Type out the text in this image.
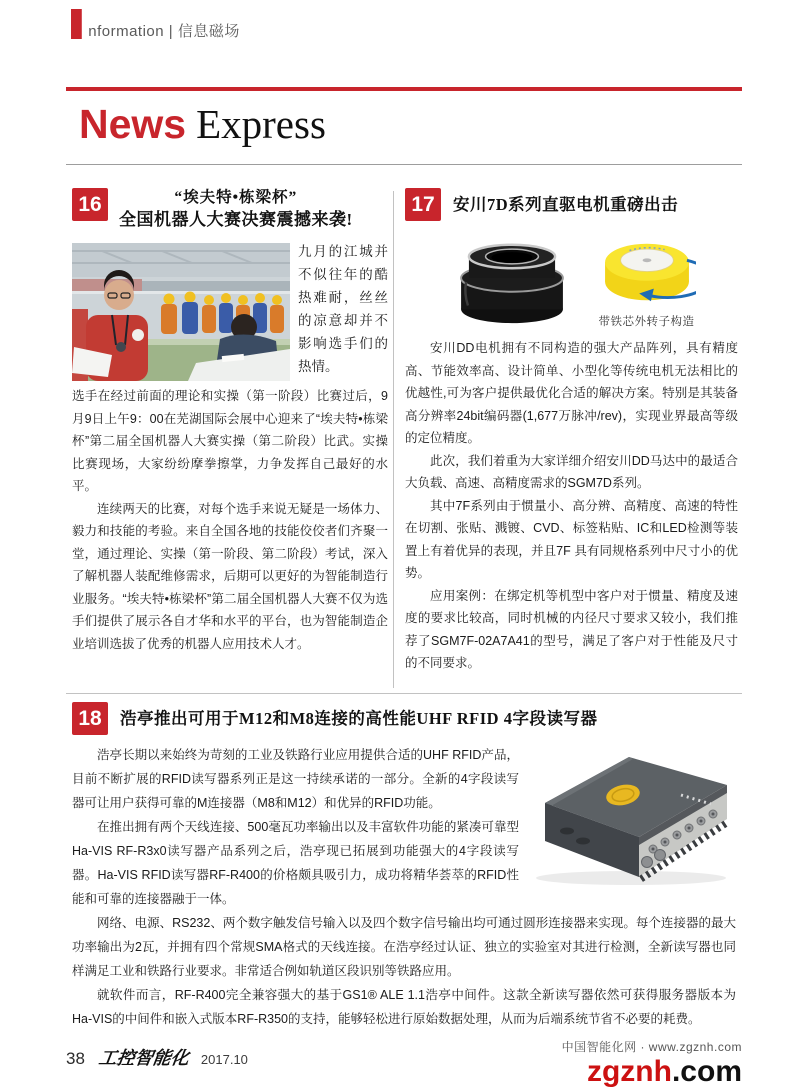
I nformation | 信息磁场
News Express
16	“埃夫特•栋梁杯”
全国机器人大赛决赛震撼来袭!

九月的江城并不似往年的酷热难耐，丝丝的凉意却并不影响选手们的热情。

选手在经过前面的理论和实操（第一阶段）比赛过后，9月9日上午9：00在芜湖国际会展中心迎来了“埃夫特•栋梁杯”第二届全国机器人大赛实操（第二阶段）比武。实操比赛现场，大家纷纷摩拳擦掌，力争发挥自己最好的水平。

连续两天的比赛，对每个选手来说无疑是一场体力、毅力和技能的考验。来自全国各地的技能佼佼者们齐聚一堂，通过理论、实操（第一阶段、第二阶段）考试，深入了解机器人装配维修需求，后期可以更好的为智能制造行业服务。“埃夫特•栋梁杯”第二届全国机器人大赛不仅为选手们提供了展示各自才华和水平的平台，也为智能制造企业培训选拔了优秀的机器人应用技术人才。

17	安川7D系列直驱电机重磅出击
带铁芯外转子构造

安川DD电机拥有不同构造的强大产品阵列，具有精度高、节能效率高、设计简单、小型化等传统电机无法相比的优越性,可为客户提供最优化合适的解决方案。特别是其装备高分辨率24bit编码器(1,677万脉冲/rev)，实现业界最高等级的定位精度。

此次，我们着重为大家详细介绍安川DD马达中的最适合大负载、高速、高精度需求的SGM7D系列。

其中7F系列由于惯量小、高分辨、高精度、高速的特性在切割、张贴、溅镀、CVD、标签粘贴、IC和LED检测等装置上有着优异的表现，并且7F 具有同规格系列中尺寸小的优势。

应用案例：在绑定机等机型中客户对于惯量、精度及速度的要求比较高，同时机械的内径尺寸要求又较小，我们推荐了SGM7F-02A7A41的型号，满足了客户对于性能及尺寸的不同要求。

18	浩亭推出可用于M12和M8连接的高性能UHF RFID 4字段读写器

浩亭长期以来始终为苛刻的工业及铁路行业应用提供合适的UHF RFID产品，目前不断扩展的RFID读写器系列正是这一持续承诺的一部分。全新的4字段读写器可让用户获得可靠的M连接器（M8和M12）和优异的RFID功能。

在推出拥有两个天线连接、500毫瓦功率输出以及丰富软件功能的紧凑可靠型Ha-VIS RF-R3x0读写器产品系列之后，浩亭现已拓展到功能强大的4字段读写器。Ha-VIS RFID读写器RF-R400的价格颇具吸引力，成功将精华荟萃的RFID性能和可靠的连接器融于一体。

网络、电源、RS232、两个数字触发信号输入以及四个数字信号输出均可通过圆形连接器来实现。每个连接器的最大功率输出为2瓦，并拥有四个常规SMA格式的天线连接。在浩亭经过认证、独立的实验室对其进行检测，全新读写器也同样满足工业和铁路行业要求。非常适合例如轨道区段识别等铁路应用。

就软件而言，RF-R400完全兼容强大的基于GS1® ALE 1.1浩亭中间件。这款全新读写器依然可获得服务器版本为Ha-VIS的中间件和嵌入式版本RF-R350的支持，能够轻松进行原始数据处理，从而为后端系统节省不必要的耗费。

38 工控智能化 2017.10
中国智能化网 · www.zgznh.com
zgznh.com
